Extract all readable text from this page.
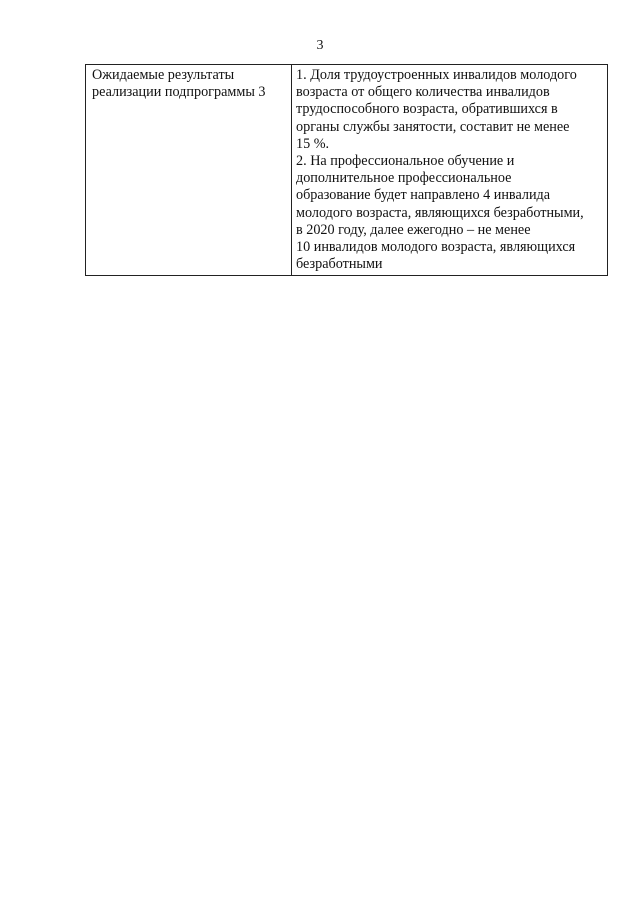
3
Ожидаемые результаты
реализации подпрограммы 3

1. Доля трудоустроенных инвалидов молодого
возраста от общего количества инвалидов
трудоспособного возраста, обратившихся в
органы службы занятости, составит не менее
15 %.
2. На профессиональное обучение и
дополнительное профессиональное
образование будет направлено 4 инвалида
молодого возраста, являющихся безработными,
в 2020 году, далее ежегодно – не менее
10 инвалидов молодого возраста, являющихся
безработными
